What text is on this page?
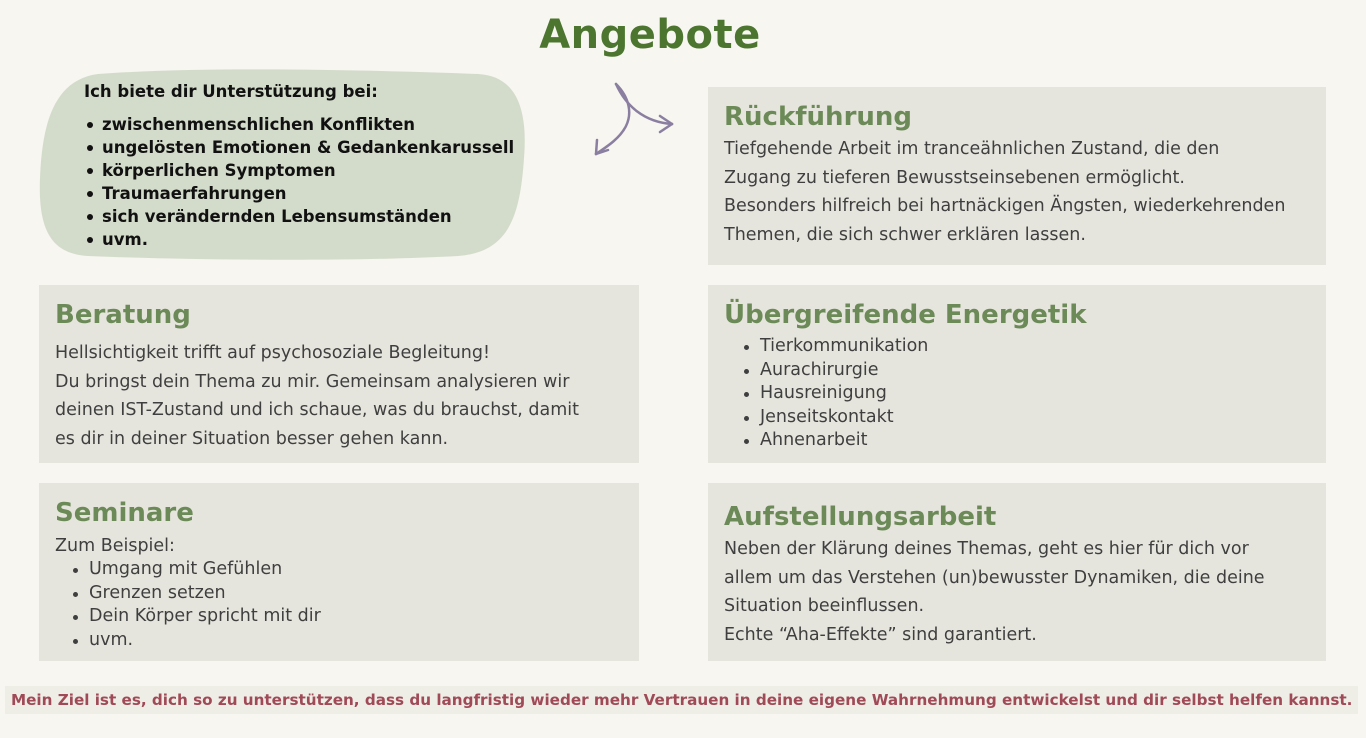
Angebote
Ich biete dir Unterstützung bei:
zwischenmenschlichen Konflikten
ungelösten Emotionen & Gedankenkarussell
körperlichen Symptomen
Traumaerfahrungen
sich verändernden Lebensumständen
uvm.
Rückführung

Tiefgehende Arbeit im tranceähnlichen Zustand, die den

Zugang zu tieferen Bewusstseinsebenen ermöglicht.

Besonders hilfreich bei hartnäckigen Ängsten, wiederkehrenden

Themen, die sich schwer erklären lassen.

Beratung

Hellsichtigkeit trifft auf psychosoziale Begleitung!

Du bringst dein Thema zu mir. Gemeinsam analysieren wir

deinen IST-Zustand und ich schaue, was du brauchst, damit

es dir in deiner Situation besser gehen kann.

Übergreifende Energetik
Tierkommunikation
Aurachirurgie
Hausreinigung
Jenseitskontakt
Ahnenarbeit
Seminare
Zum Beispiel:
Umgang mit Gefühlen
Grenzen setzen
Dein Körper spricht mit dir
uvm.
Aufstellungsarbeit

Neben der Klärung deines Themas, geht es hier für dich vor

allem um das Verstehen (un)bewusster Dynamiken, die deine

Situation beeinflussen.

Echte “Aha-Effekte” sind garantiert.

Mein Ziel ist es, dich so zu unterstützen, dass du langfristig wieder mehr Vertrauen in deine eigene Wahrnehmung entwickelst und dir selbst helfen kannst.
